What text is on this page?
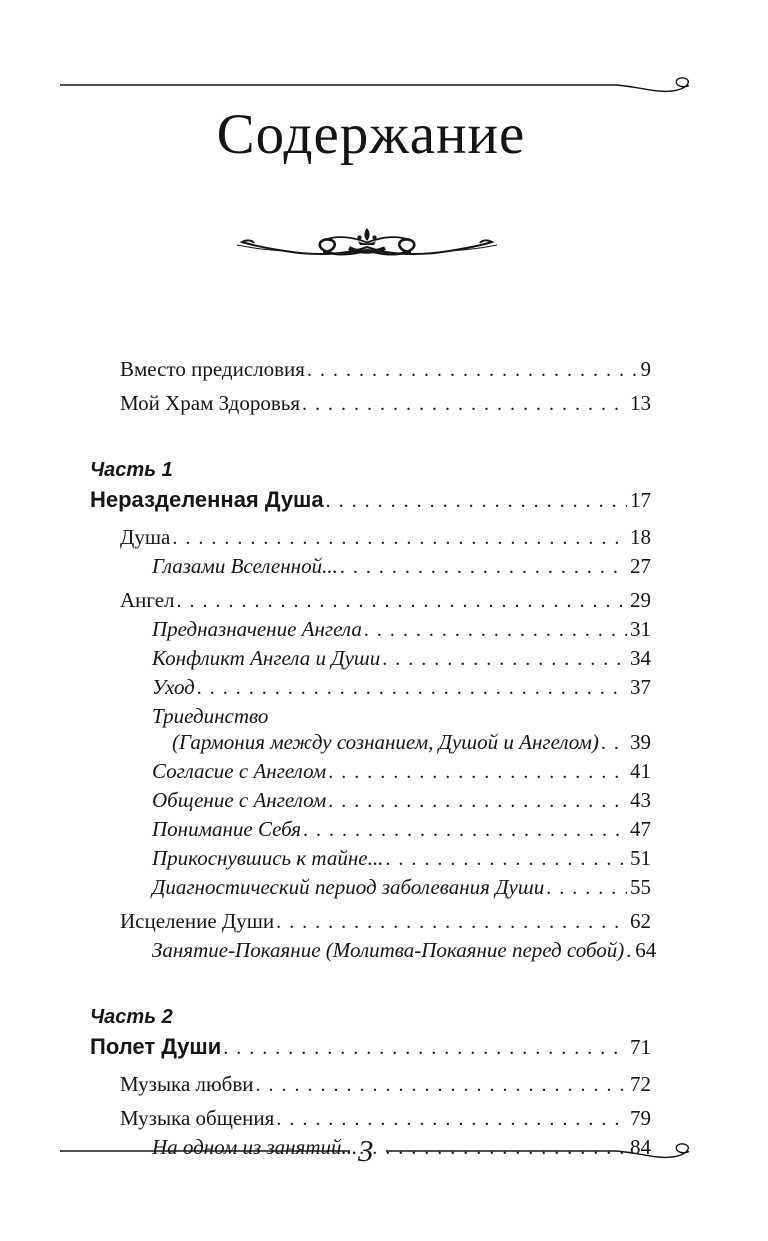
Содержание
Вместо предисловия . . .	9
Мой Храм Здоровья . . .	13
Часть 1
Неразделенная Душа . . .	17
Душа . . .	18
Глазами Вселенной... . . .	27
Ангел . . .	29
Предназначение Ангела . . .	31
Конфликт Ангела и Души . . .	34
Уход . . .	37
Триединство
(Гармония между сознанием, Душой и Ангелом) . . . 39
Согласие с Ангелом . . .	41
Общение с Ангелом . . .	43
Понимание Себя . . .	47
Прикоснувшись к тайне... . . .	51
Диагностический период заболевания Души . . .	55
Исцеление Души . . .	62
Занятие-Покаяние (Молитва-Покаяние перед собой) . . . 64
Часть 2
Полет Души . . .	71
Музыка любви . . .	72
Музыка общения . . .	79
На одном из занятий... . . .	84
3
